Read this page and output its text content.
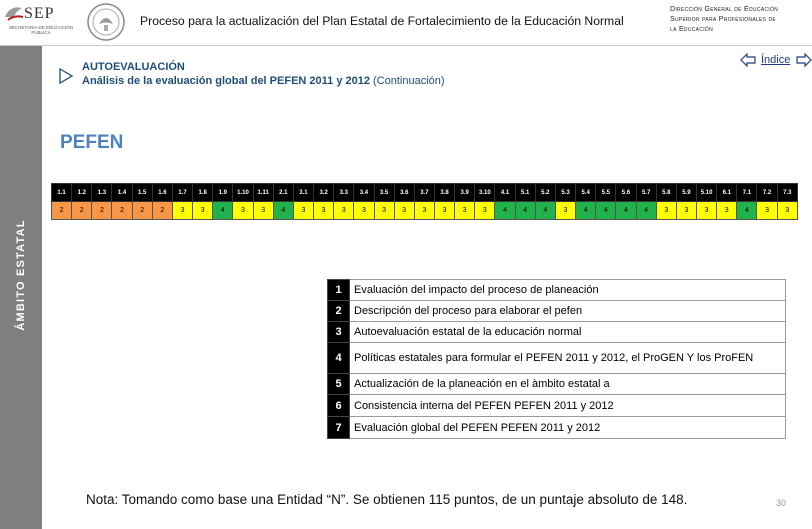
SEP
SECRETARÍA DE EDUCACIÓN PÚBLICA
Proceso para la actualización del Plan Estatal de Fortalecimiento de la Educación Normal
Dirección General de Educación
Superior para Profesionales de
la Educación
ÁMBITO ESTATAL
AUTOEVALUACIÓN
Análisis de la evaluación global del PEFEN 2011 y 2012 (Continuación)
Índice
PEFEN
1.1	1.2	1.3	1.4	1.5	1.6	1.7	1.8	1.9	1.10	1.11	2.1	3.1	3.2	3.3	3.4	3.5	3.6	3.7	3.8	3.9	3.10	4.1	5.1	5.2	5.3	5.4	5.5	5.6	5.7	5.8	5.9	5.10	6.1	7.1	7.2	7.3
2	2	2	2	2	2	3	3	4	3	3	4	3	3	3	3	3	3	3	3	3	3	4	4	4	3	4	4	4	4	3	3	3	3	4	3	3
1	Evaluación del impacto del proceso de planeación
2	Descripción del proceso para elaborar el pefen
3	Autoevaluación estatal de la educación normal
4	Políticas estatales para formular el PEFEN 2011 y 2012, el ProGEN Y los ProFEN
5	Actualización de la planeación en el àmbito estatal a
6	Consistencia interna del PEFEN PEFEN 2011 y 2012
7	Evaluación global del PEFEN PEFEN 2011 y 2012
Nota: Tomando como base una Entidad “N”. Se obtienen 115 puntos, de un puntaje absoluto de 148.	30
